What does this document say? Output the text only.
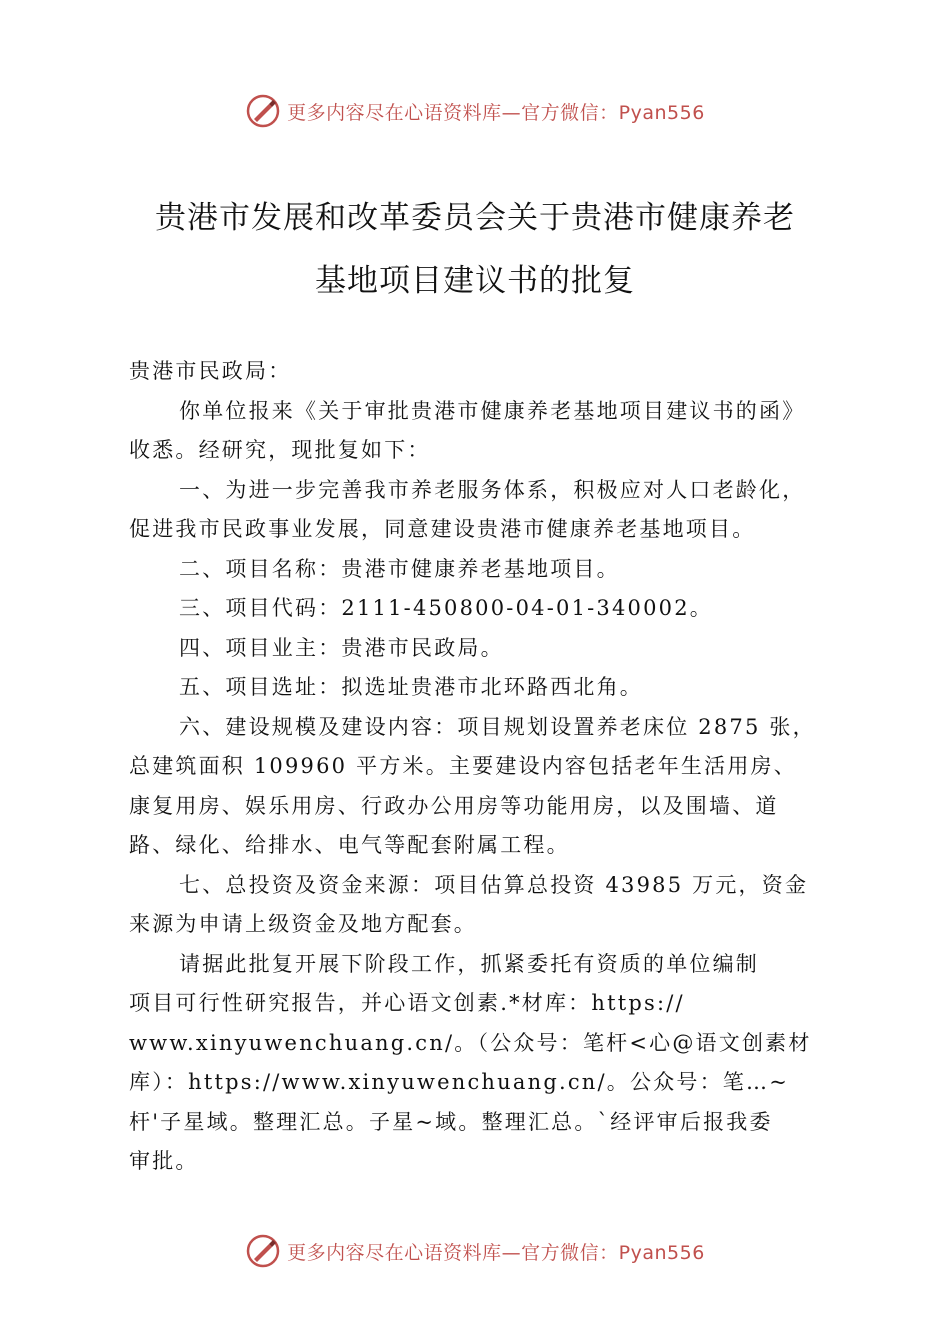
更多内容尽在心语资料库—官方微信：Pyan556
贵港市发展和改革委员会关于贵港市健康养老
基地项目建议书的批复

贵港市民政局：

你单位报来《关于审批贵港市健康养老基地项目建议书的函》

收悉。经研究，现批复如下：

一、为进一步完善我市养老服务体系，积极应对人口老龄化，

促进我市民政事业发展，同意建设贵港市健康养老基地项目。

二、项目名称：贵港市健康养老基地项目。

三、项目代码：2111-450800-04-01-340002。

四、项目业主：贵港市民政局。

五、项目选址：拟选址贵港市北环路西北角。

六、建设规模及建设内容：项目规划设置养老床位 2875 张，

总建筑面积 109960 平方米。主要建设内容包括老年生活用房、

康复用房、娱乐用房、行政办公用房等功能用房，以及围墙、道

路、绿化、给排水、电气等配套附属工程。

七、总投资及资金来源：项目估算总投资 43985 万元，资金

来源为申请上级资金及地方配套。

请据此批复开展下阶段工作，抓紧委托有资质的单位编制

项目可行性研究报告，并心语文创素.*材库：https://

www.xinyuwenchuang.cn/。（公众号：笔杆<心@语文创素材

库）：https://www.xinyuwenchuang.cn/。公众号：笔…~

杆'子星域。整理汇总。子星~域。整理汇总。`经评审后报我委

审批。

更多内容尽在心语资料库—官方微信：Pyan556
